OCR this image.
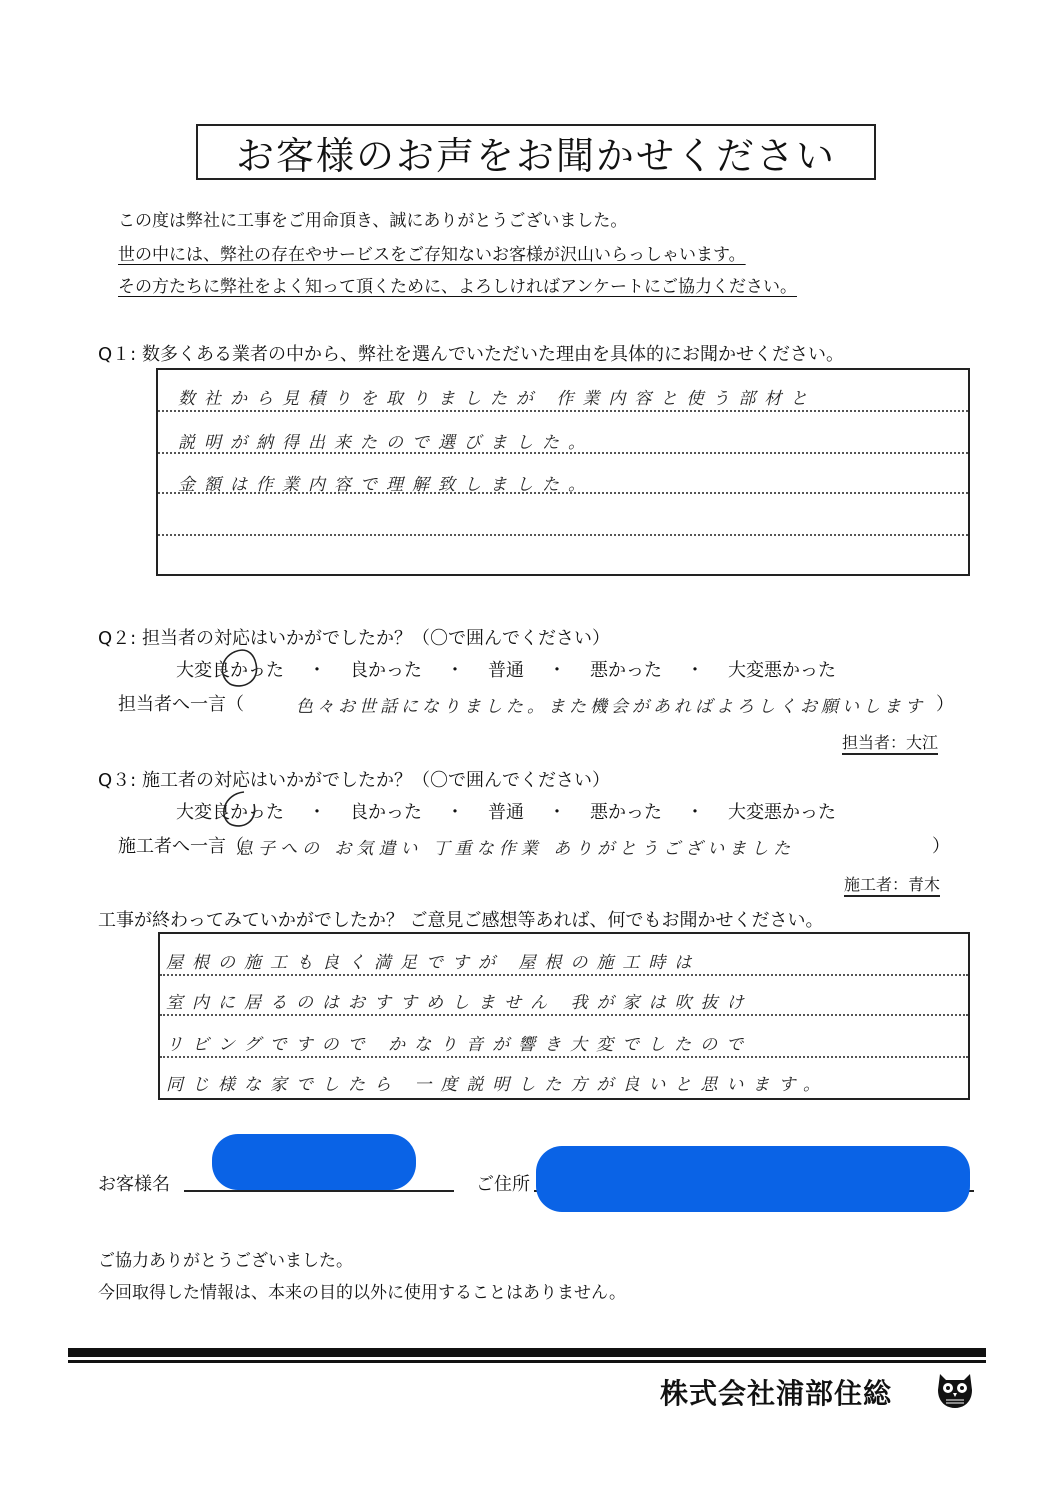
お客様のお声をお聞かせください
この度は弊社に工事をご用命頂き、誠にありがとうございました。
世の中には、弊社の存在やサービスをご存知ないお客様が沢山いらっしゃいます。
その方たちに弊社をよく知って頂くために、よろしければアンケートにご協力ください。
Q１: 数多くある業者の中から、弊社を選んでいただいた理由を具体的にお聞かせください。
数社から見積りを取りましたが 作業内容と使う部材と
説明が納得出来たので選びました。
金額は作業内容で理解致しました。
Q２: 担当者の対応はいかがでしたか？（〇で囲んでください）
大変良かった ・ 良かった ・ 普通 ・ 悪かった ・ 大変悪かった
担当者へ一言（	色々お世話になりました。また機会があればよろしくお願いします ）
担当者：大江
Q３: 施工者の対応はいかがでしたか？（〇で囲んでください）
大変良かった ・ 良かった ・ 普通 ・ 悪かった ・ 大変悪かった
施工者へ一言（
息子への お気遣い 丁重な作業 ありがとうございました	）
施工者：青木
工事が終わってみていかがでしたか？ ご意見ご感想等あれば、何でもお聞かせください。
屋根の施工も良く満足ですが 屋根の施工時は
室内に居るのはおすすめしません 我が家は吹抜け
リビングですので かなり音が響き大変でしたので
同じ様な家でしたら 一度説明した方が良いと思います。
お客様名	ご住所
ご協力ありがとうございました。
今回取得した情報は、本来の目的以外に使用することはありません。
株式会社浦部住総
